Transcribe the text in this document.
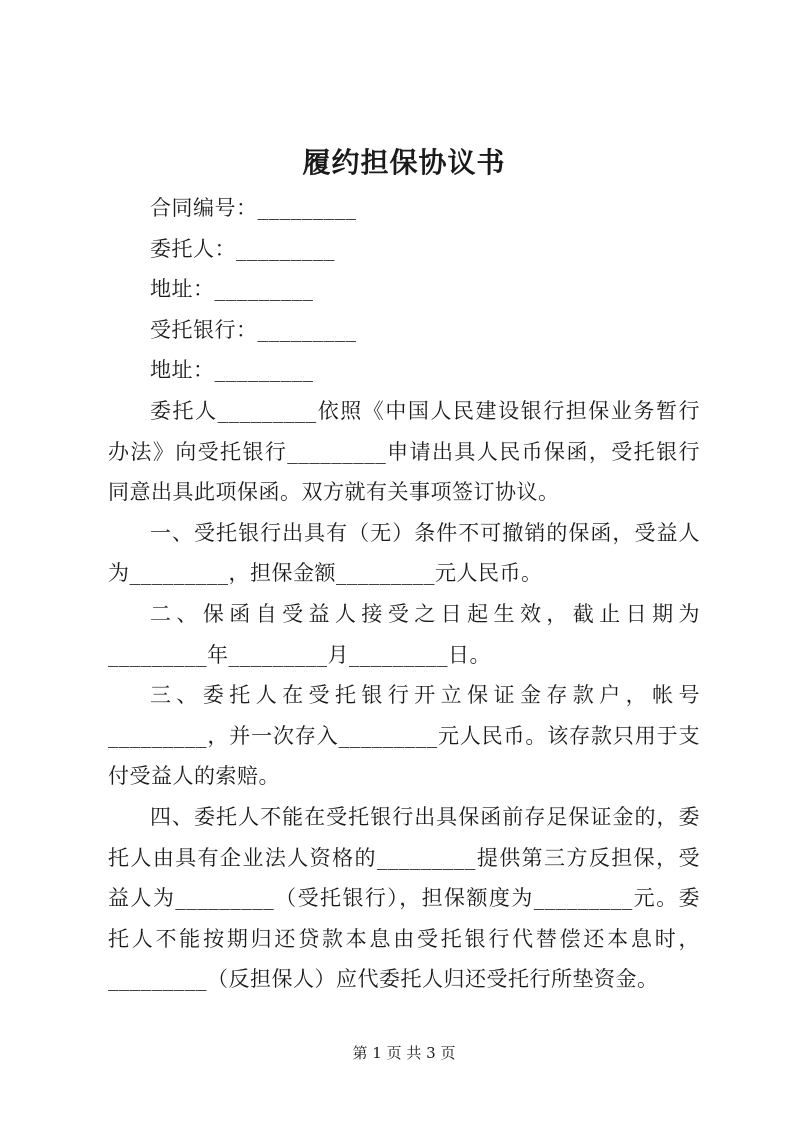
履约担保协议书

合同编号：_________

委托人：_________

地址：_________

受托银行：_________

地址：_________

委托人_________依照《中国人民建设银行担保业务暂行办法》向受托银行_________申请出具人民币保函，受托银行同意出具此项保函。双方就有关事项签订协议。

一、受托银行出具有（无）条件不可撤销的保函，受益人为_________，担保金额_________元人民币。

二、保函自受益人接受之日起生效，截止日期为_________年_________月_________日。

三、委托人在受托银行开立保证金存款户，帐号_________，并一次存入_________元人民币。该存款只用于支付受益人的索赔。

四、委托人不能在受托银行出具保函前存足保证金的，委托人由具有企业法人资格的_________提供第三方反担保，受益人为_________（受托银行），担保额度为_________元。委托人不能按期归还贷款本息由受托银行代替偿还本息时，_________（反担保人）应代委托人归还受托行所垫资金。

第 1 页 共 3 页
